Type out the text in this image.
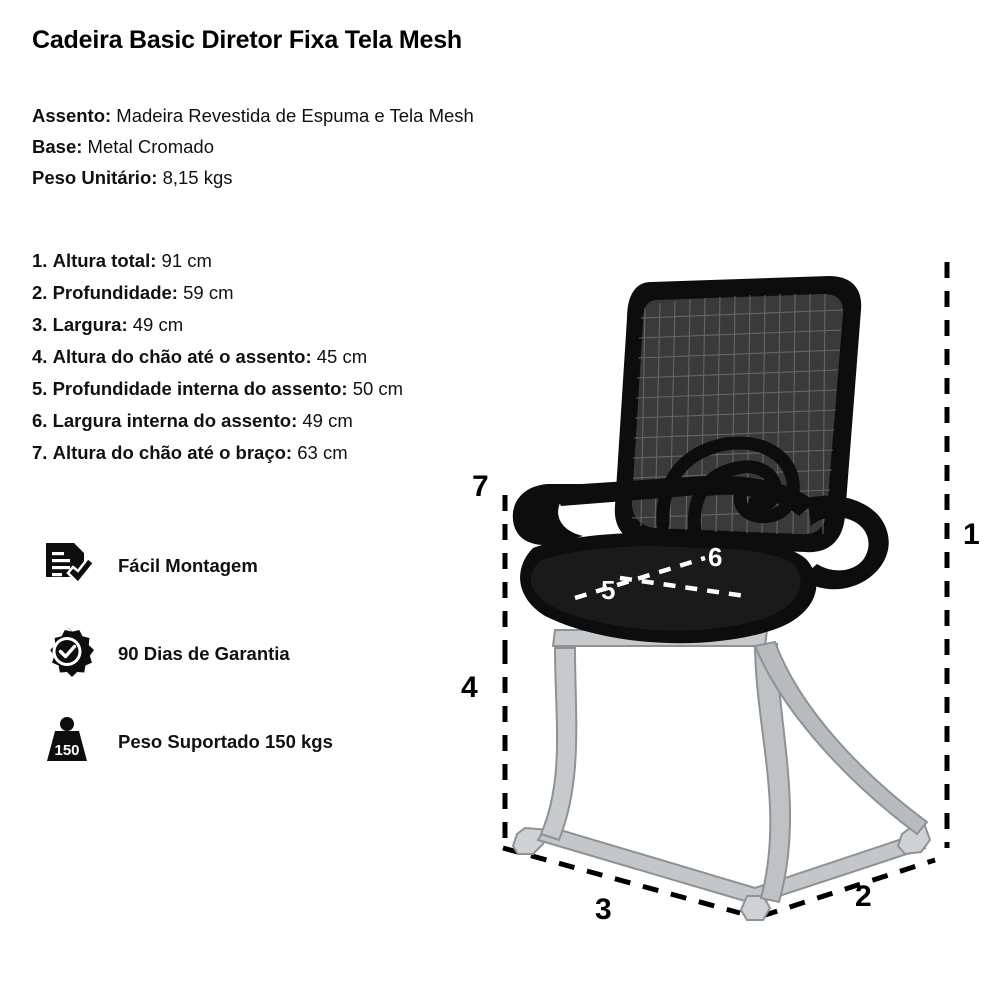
Cadeira Basic Diretor Fixa Tela Mesh
Assento: Madeira Revestida de Espuma e Tela Mesh
Base: Metal Cromado
Peso Unitário: 8,15 kgs
1. Altura total: 91 cm
2. Profundidade: 59 cm
3. Largura: 49 cm
4. Altura do chão até o assento: 45 cm
5. Profundidade interna do assento: 50 cm
6. Largura interna do assento: 49 cm
7. Altura do chão até o braço: 63 cm
Fácil Montagem
90 Dias de Garantia
150 Peso Suportado 150 kgs
1
2
3
4
5
6
7
